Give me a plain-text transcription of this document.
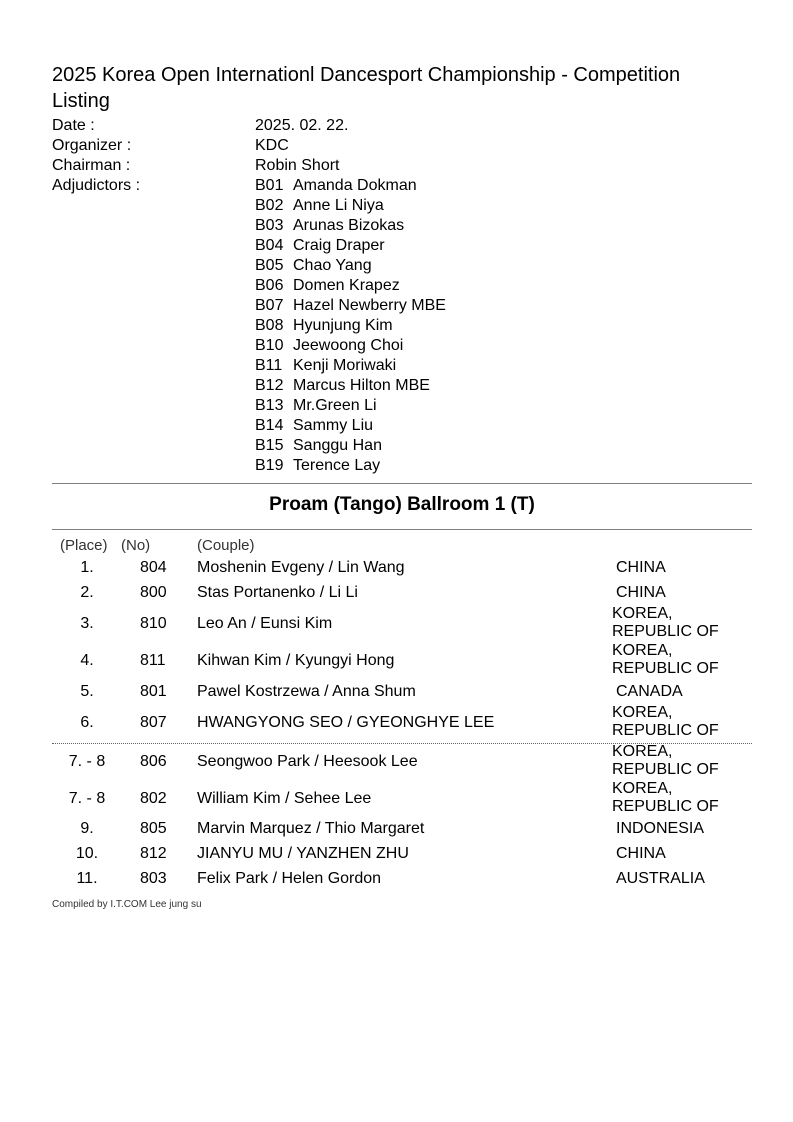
2025 Korea Open Internationl Dancesport Championship - Competition Listing
Date :	2025. 02. 22.
Organizer :	KDC
Chairman :	Robin Short
Adjudictors :	B01 Amanda Dokman
B02 Anne Li Niya
B03 Arunas Bizokas
B04 Craig Draper
B05 Chao Yang
B06 Domen Krapez
B07 Hazel Newberry MBE
B08 Hyunjung Kim
B10 Jeewoong Choi
B11 Kenji Moriwaki
B12 Marcus Hilton MBE
B13 Mr.Green Li
B14 Sammy Liu
B15 Sanggu Han
B19 Terence Lay
Proam (Tango) Ballroom 1 (T)
(Place) (No)	(Couple)
1.	804 Moshenin Evgeny / Lin Wang	CHINA
2.	800 Stas Portanenko / Li Li	CHINA
3.	810 Leo An / Eunsi Kim
KOREA, REPUBLIC OF
4.	811 Kihwan Kim / Kyungyi Hong
KOREA, REPUBLIC OF
5.	801 Pawel Kostrzewa / Anna Shum	CANADA
6.	807 HWANGYONG SEO / GYEONGHYE LEE
KOREA, REPUBLIC OF
7. - 8	806 Seongwoo Park / Heesook Lee
KOREA, REPUBLIC OF
7. - 8	802 William Kim / Sehee Lee
KOREA, REPUBLIC OF
9.	805 Marvin Marquez / Thio Margaret	INDONESIA
10.	812 JIANYU MU / YANZHEN ZHU	CHINA
11.	803 Felix Park / Helen Gordon	AUSTRALIA
Compiled by I.T.COM Lee jung su
